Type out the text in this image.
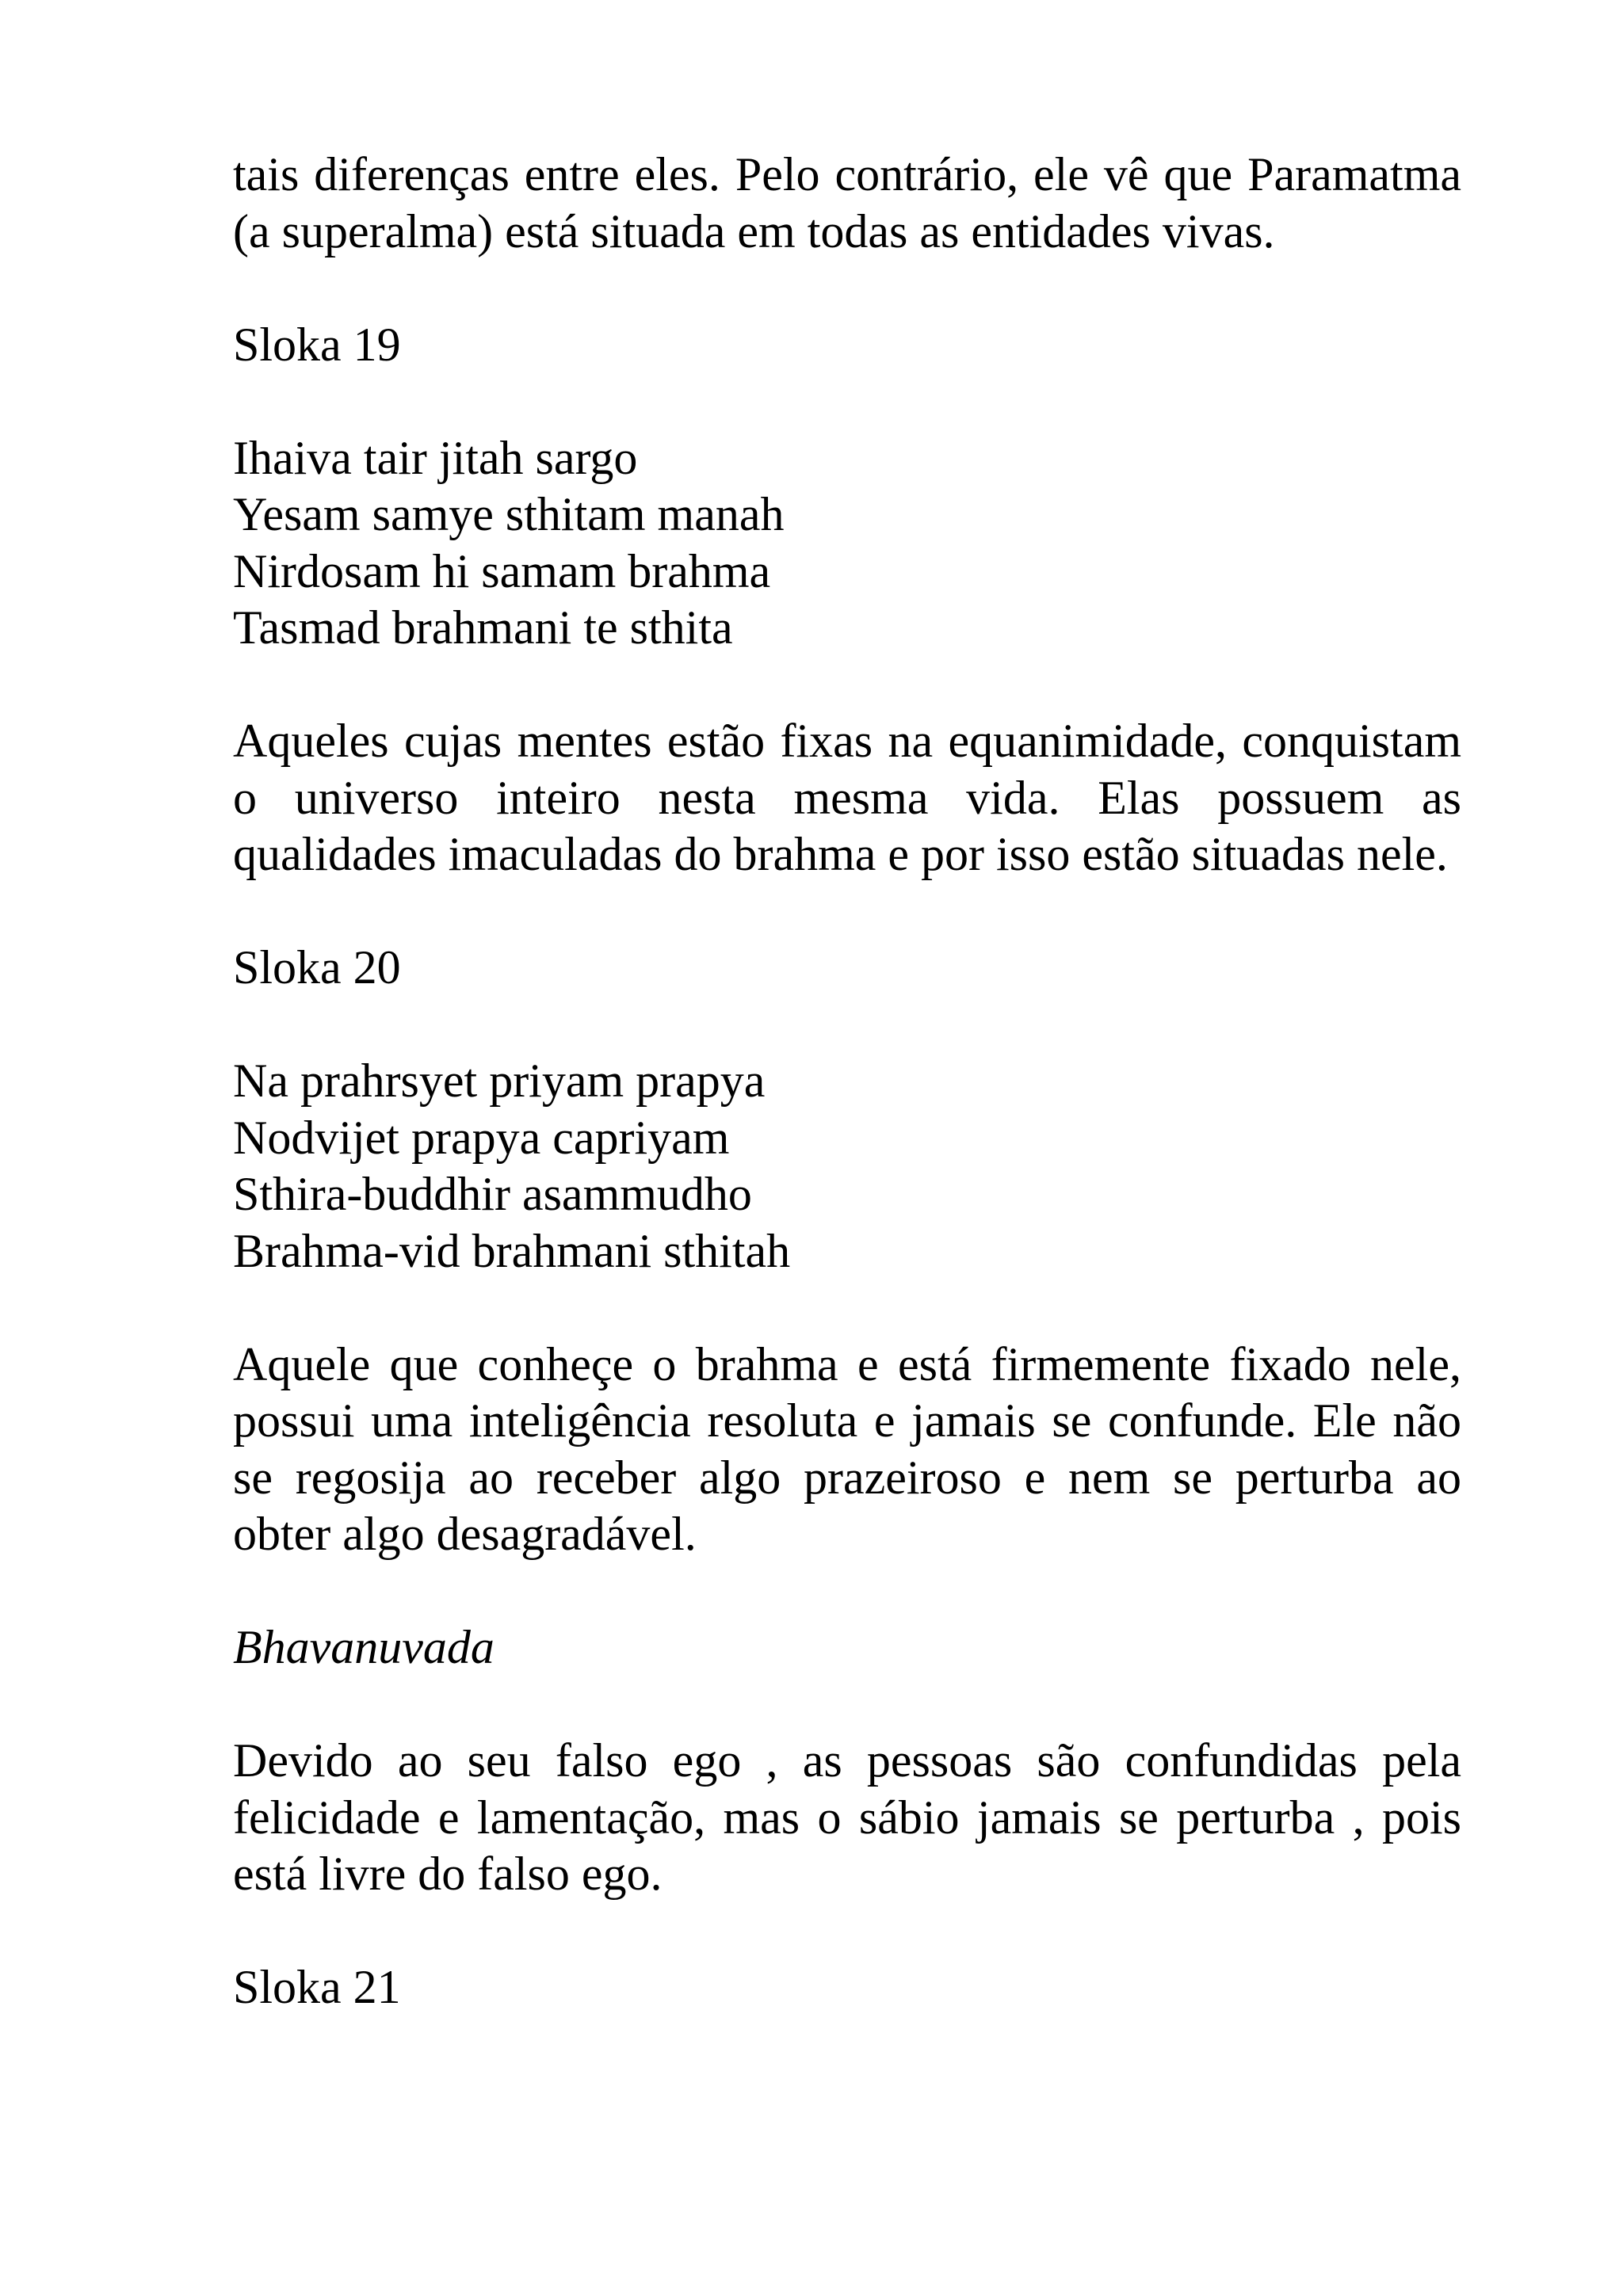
tais diferenças entre eles. Pelo contrário, ele vê que Paramatma (a superalma) está situada em todas as entidades vivas.

Sloka 19

Ihaiva tair jitah sargo
Yesam samye sthitam manah
Nirdosam hi samam brahma
Tasmad brahmani te sthita

Aqueles cujas mentes estão fixas na equanimidade, conquistam o universo inteiro nesta mesma vida. Elas possuem as qualidades imaculadas do brahma e por isso estão situadas nele.

Sloka 20

Na prahrsyet priyam prapya
Nodvijet prapya capriyam
Sthira-buddhir asammudho
Brahma-vid brahmani sthitah

Aquele que conheçe o brahma e está firmemente fixado nele, possui uma inteligência resoluta e jamais se confunde. Ele não se regosija ao receber algo prazeiroso e nem se perturba ao obter algo desagradável.

Bhavanuvada

Devido ao seu falso ego , as pessoas são confundidas pela felicidade e lamentação, mas o sábio jamais se perturba , pois está livre do falso ego.

Sloka 21
